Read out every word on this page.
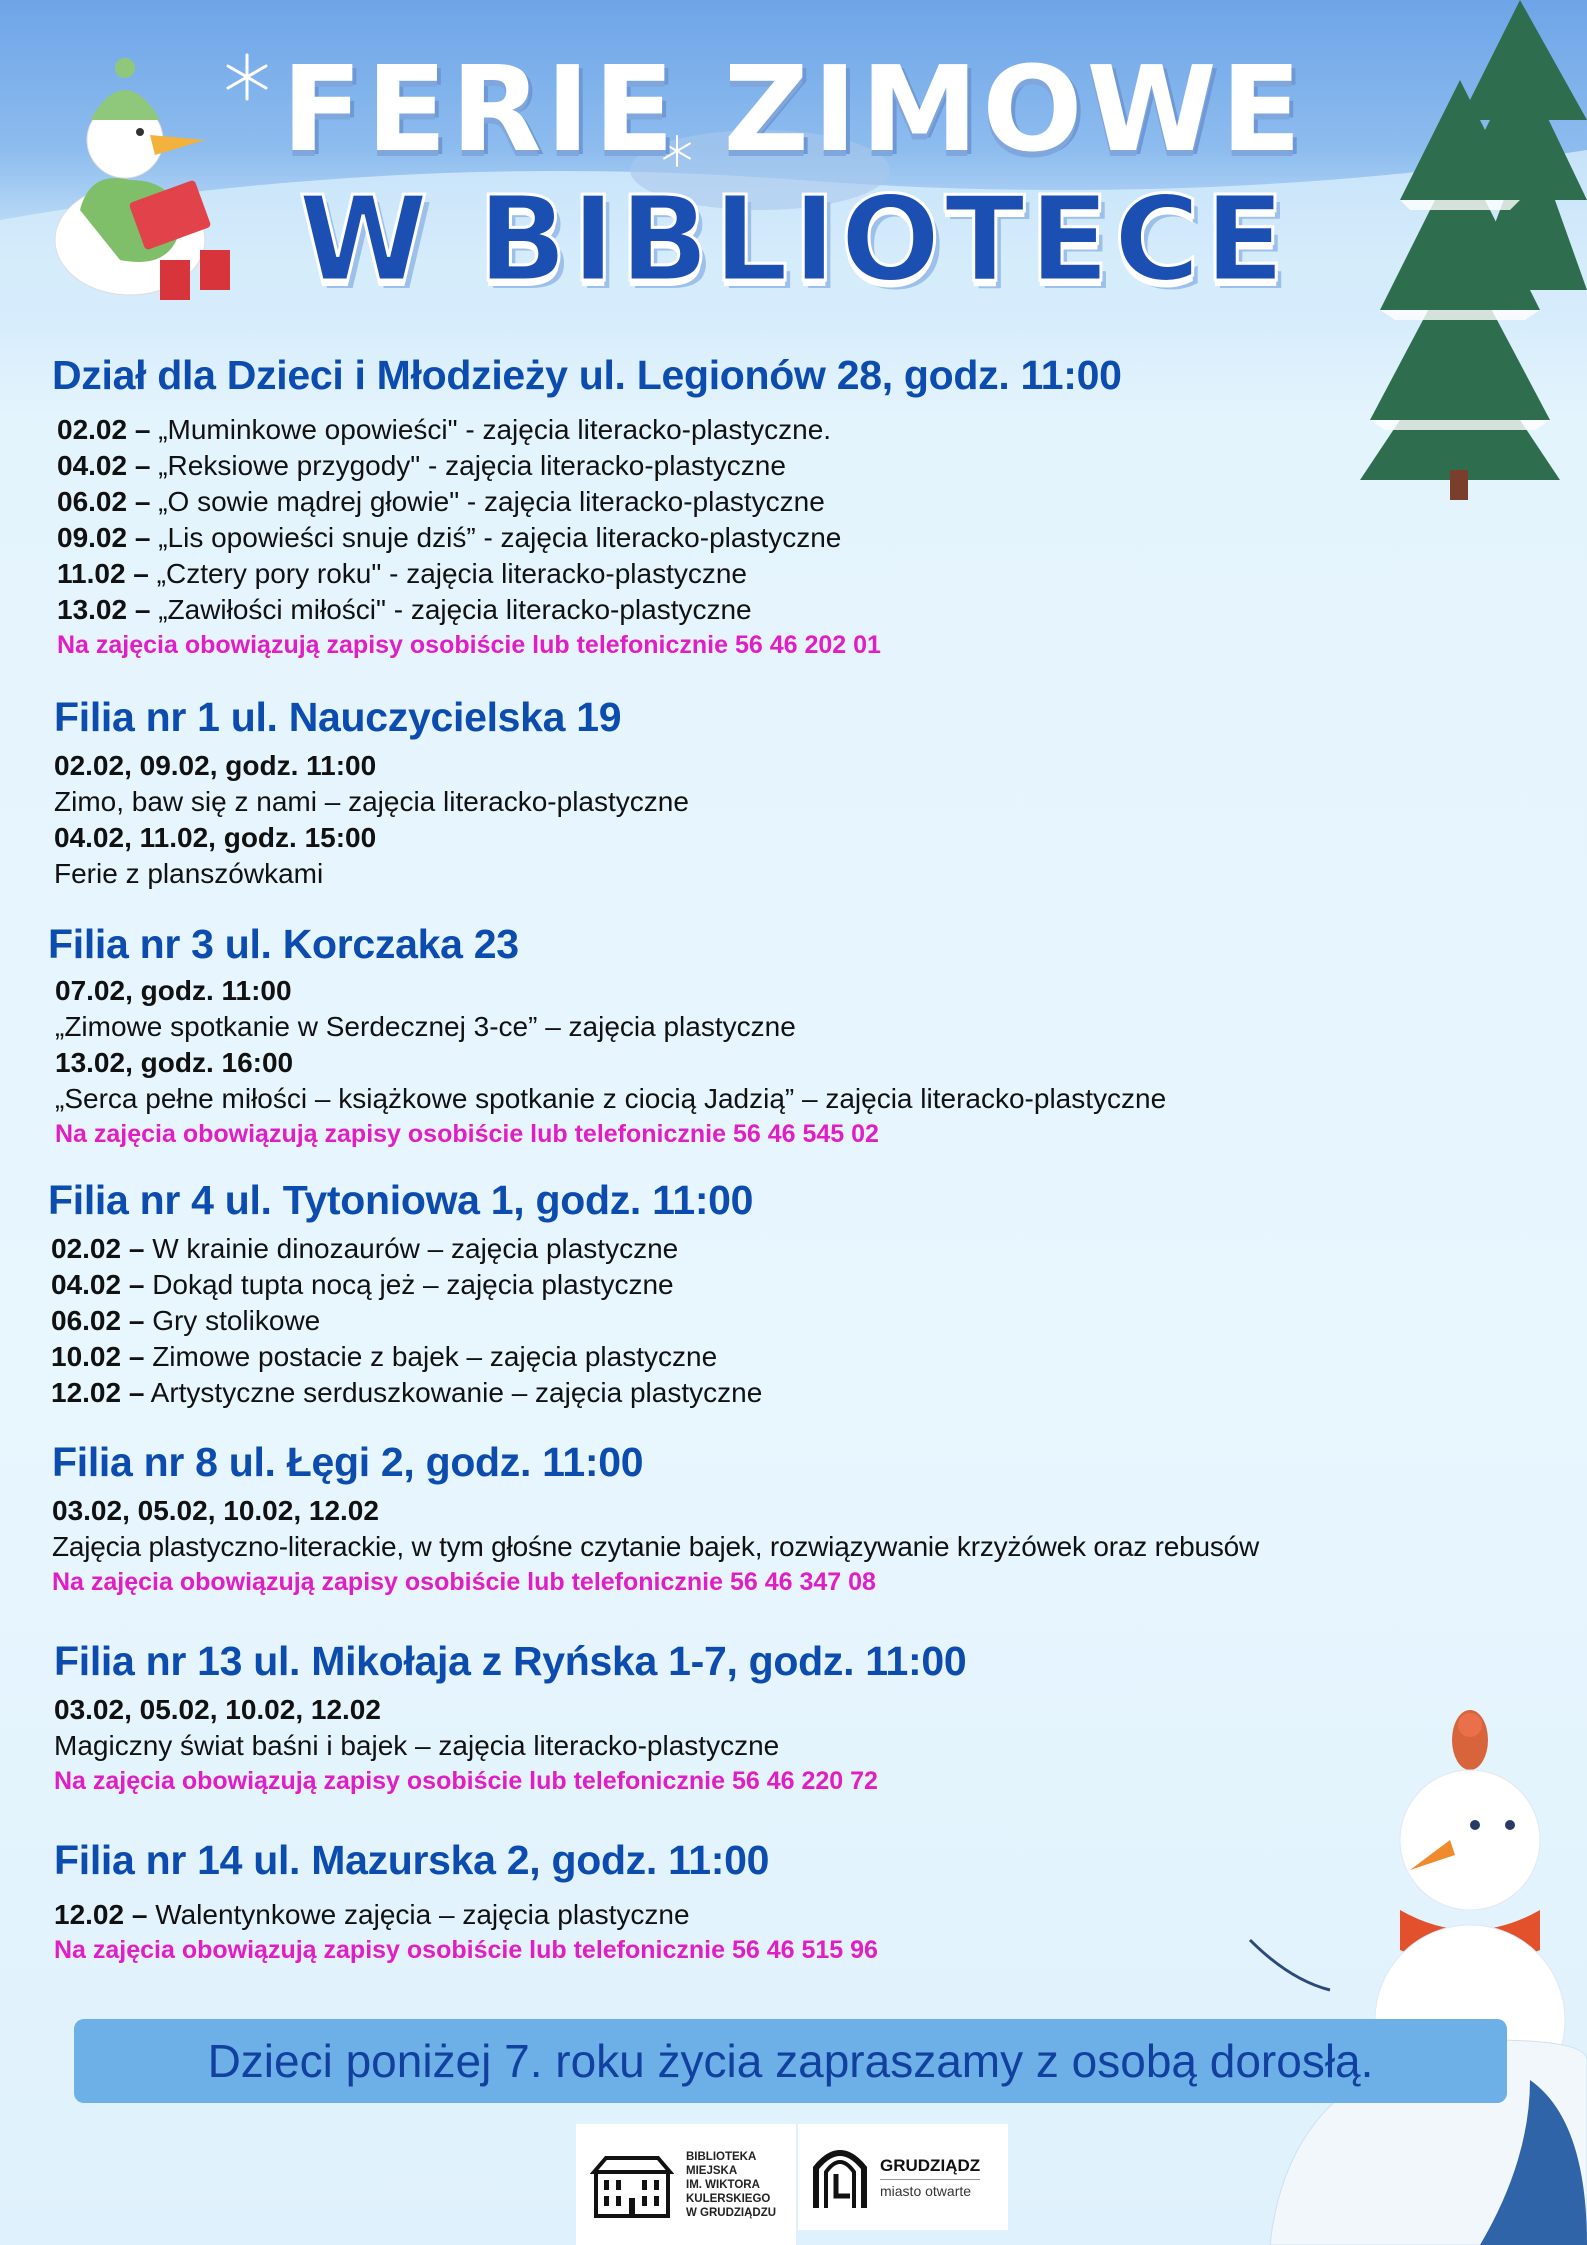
FERIE ZIMOWE
W BIBLIOTECE
Dział dla Dzieci i Młodzieży ul. Legionów 28, godz. 11:00
02.02 – „Muminkowe opowieści" - zajęcia literacko-plastyczne.
04.02 – „Reksiowe przygody" - zajęcia literacko-plastyczne
06.02 – „O sowie mądrej głowie" - zajęcia literacko-plastyczne
09.02 – „Lis opowieści snuje dziś” - zajęcia literacko-plastyczne
11.02 – „Cztery pory roku" - zajęcia literacko-plastyczne
13.02 – „Zawiłości miłości" - zajęcia literacko-plastyczne
Na zajęcia obowiązują zapisy osobiście lub telefonicznie 56 46 202 01
Filia nr 1 ul. Nauczycielska 19
02.02, 09.02, godz. 11:00
Zimo, baw się z nami – zajęcia literacko-plastyczne
04.02, 11.02, godz. 15:00
Ferie z planszówkami
Filia nr 3 ul. Korczaka 23
07.02, godz. 11:00
„Zimowe spotkanie w Serdecznej 3-ce” – zajęcia plastyczne
13.02, godz. 16:00
„Serca pełne miłości – książkowe spotkanie z ciocią Jadzią” – zajęcia literacko-plastyczne
Na zajęcia obowiązują zapisy osobiście lub telefonicznie 56 46 545 02
Filia nr 4 ul. Tytoniowa 1, godz. 11:00
02.02 – W krainie dinozaurów – zajęcia plastyczne
04.02 – Dokąd tupta nocą jeż – zajęcia plastyczne
06.02 – Gry stolikowe
10.02 – Zimowe postacie z bajek – zajęcia plastyczne
12.02 – Artystyczne serduszkowanie – zajęcia plastyczne
Filia nr 8 ul. Łęgi 2, godz. 11:00
03.02, 05.02, 10.02, 12.02
Zajęcia plastyczno-literackie, w tym głośne czytanie bajek, rozwiązywanie krzyżówek oraz rebusów
Na zajęcia obowiązują zapisy osobiście lub telefonicznie 56 46 347 08
Filia nr 13 ul. Mikołaja z Ryńska 1-7, godz. 11:00
03.02, 05.02, 10.02, 12.02
Magiczny świat baśni i bajek – zajęcia literacko-plastyczne
Na zajęcia obowiązują zapisy osobiście lub telefonicznie 56 46 220 72
Filia nr 14 ul. Mazurska 2, godz. 11:00
12.02 – Walentynkowe zajęcia – zajęcia plastyczne
Na zajęcia obowiązują zapisy osobiście lub telefonicznie 56 46 515 96
Dzieci poniżej 7. roku życia zapraszamy z osobą dorosłą.
BIBLIOTEKA
MIEJSKA
IM. WIKTORA
KULERSKIEGO
W GRUDZIĄDZU
GRUDZIĄDZ
miasto otwarte
